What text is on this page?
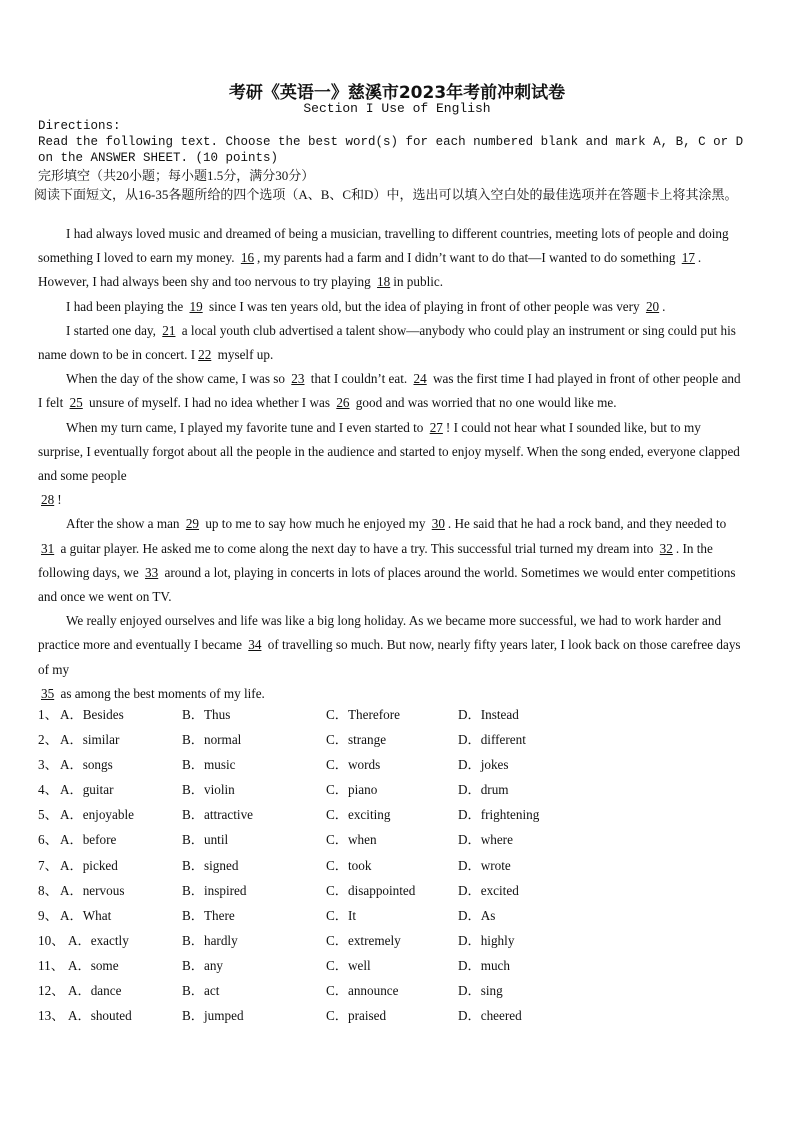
考研《英语一》慈溪市2023年考前冲刺试卷
Section I Use of English
Directions:
Read the following text. Choose the best word(s) for each numbered blank and mark A, B, C or D on the ANSWER SHEET. (10 points)
完形填空（共20小题；每小题1.5分，满分30分）
阅读下面短文，从16-35各题所给的四个选项（A、B、C和D）中，选出可以填入空白处的最佳选项并在答题卡上将其涂黑。

I had always loved music and dreamed of being a musician, travelling to different countries, meeting lots of people and doing something I loved to earn my money. 16 , my parents had a farm and I didn’t want to do that—I wanted to do something 17 . However, I had always been shy and too nervous to try playing 18 in public.

I had been playing the 19 since I was ten years old, but the idea of playing in front of other people was very 20 .

I started one day, 21 a local youth club advertised a talent show—anybody who could play an instrument or sing could put his name down to be in concert. I 22 myself up.

When the day of the show came, I was so 23 that I couldn’t eat. 24 was the first time I had played in front of other people and I felt 25 unsure of myself. I had no idea whether I was 26 good and was worried that no one would like me.

When my turn came, I played my favorite tune and I even started to 27 ! I could not hear what I sounded like, but to my surprise, I eventually forgot about all the people in the audience and started to enjoy myself. When the song ended, everyone clapped and some people

28 !

After the show a man 29 up to me to say how much he enjoyed my 30 . He said that he had a rock band, and they needed to 31 a guitar player. He asked me to come along the next day to have a try. This successful trial turned my dream into 32 . In the following days, we 33 around a lot, playing in concerts in lots of places around the world. Sometimes we would enter competitions and once we went on TV.

We really enjoyed ourselves and life was like a big long holiday. As we became more successful, we had to work harder and practice more and eventually I became 34 of travelling so much. But now, nearly fifty years later, I look back on those carefree days of my

35 as among the best moments of my life.

1、 A．Besides	B．Thus	C．Therefore	D．Instead
2、 A．similar	B．normal	C．strange	D．different
3、 A．songs	B．music	C．words	D．jokes
4、 A．guitar	B．violin	C．piano	D．drum
5、 A．enjoyable	B．attractive	C．exciting	D．frightening
6、 A．before	B．until	C．when	D．where
7、 A．picked	B．signed	C．took	D．wrote
8、 A．nervous	B．inspired	C．disappointed	D．excited
9、 A．What	B．There	C．It	D．As
10、 A．exactly	B．hardly	C．extremely	D．highly
11、 A．some	B．any	C．well	D．much
12、 A．dance	B．act	C．announce	D．sing
13、 A．shouted	B．jumped	C．praised	D．cheered
